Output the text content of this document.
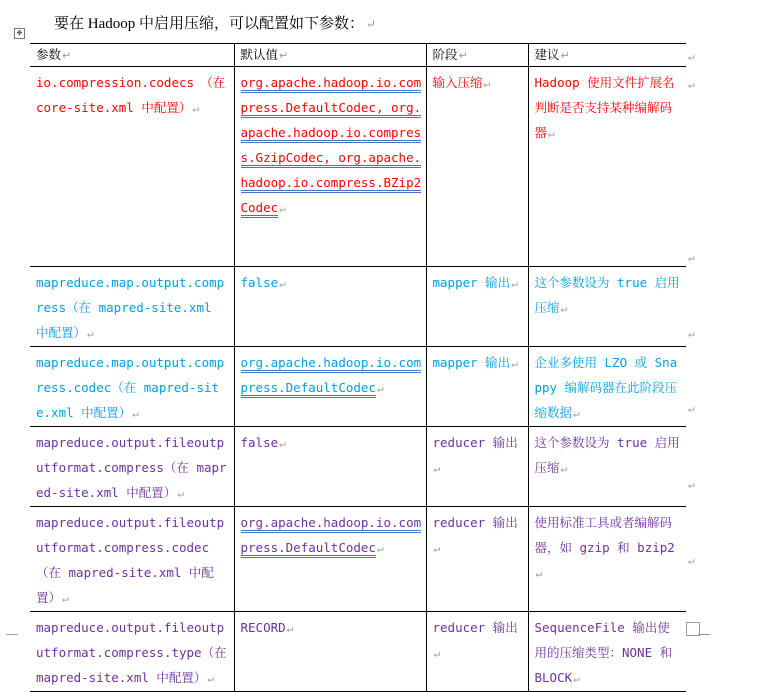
要在 Hadoop 中启用压缩，可以配置如下参数： ↵
✥
参数↵	默认值↵	阶段↵	建议↵
io.compression.codecs　（在 core-site.xml 中配置）↵	org.apache.hadoop.io.compress.DefaultCodec, org.apache.hadoop.io.compress.GzipCodec, org.apache.hadoop.io.compress.BZip2Codec↵	输入压缩↵	Hadoop 使用文件扩展名判断是否支持某种编解码器↵
mapreduce.map.output.compress（在 mapred-site.xml 中配置）↵	false↵	mapper 输出↵	这个参数设为 true 启用压缩↵
mapreduce.map.output.compress.codec（在 mapred-site.xml 中配置）↵	org.apache.hadoop.io.compress.DefaultCodec↵	mapper 输出↵	企业多使用 LZO 或 Snappy 编解码器在此阶段压缩数据↵
mapreduce.output.fileoutputformat.compress（在 mapred-site.xml 中配置）↵	false↵	reducer 输出↵	这个参数设为 true 启用压缩↵
mapreduce.output.fileoutputformat.compress.codec（在 mapred-site.xml 中配置）↵	org.apache.hadoop.io.compress.DefaultCodec↵	reducer 输出↵	使用标准工具或者编解码器，如 gzip 和 bzip2↵
mapreduce.output.fileoutputformat.compress.type（在 mapred-site.xml 中配置）↵	RECORD↵	reducer 输出↵	SequenceFile 输出使用的压缩类型：NONE 和 BLOCK↵
↵
↵
↵
↵
↵
↵
↵
